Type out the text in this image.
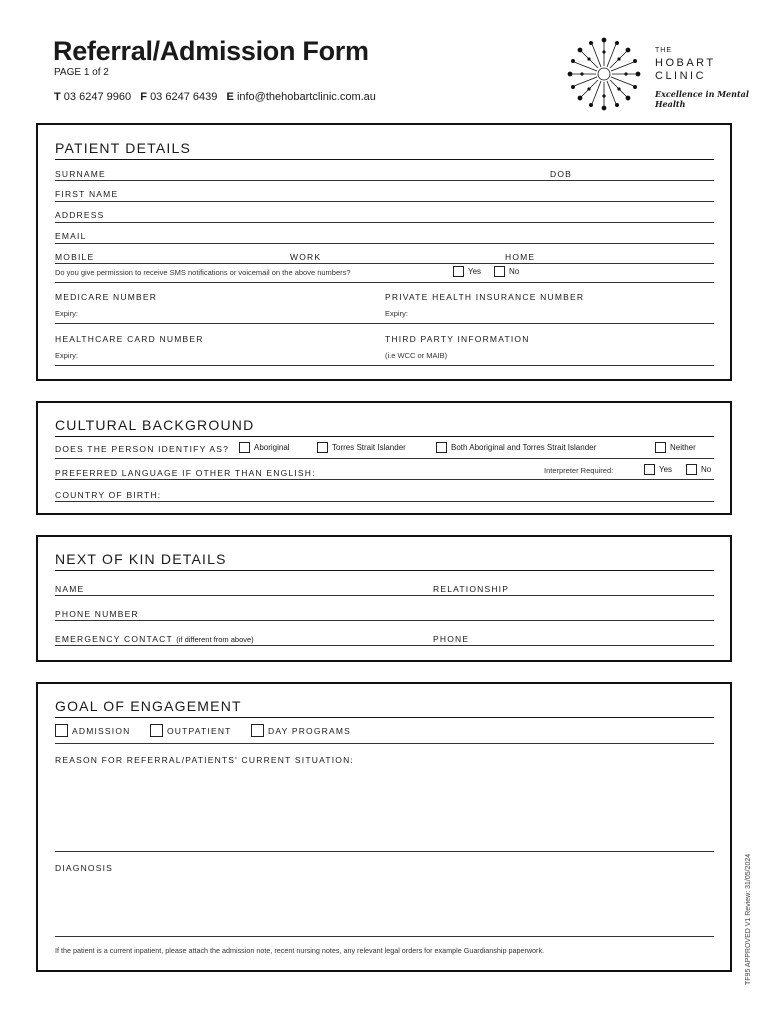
Referral/Admission Form
PAGE 1 of 2
T 03 6247 9960 F 03 6247 6439 E info@thehobartclinic.com.au
THE
HOBART
CLINIC
Excellence in Mental Health
PATIENT DETAILS
SURNAME	DOB
FIRST NAME
ADDRESS
EMAIL
MOBILE	WORK	HOME
Do you give permission to receive SMS notifications or voicemail on the above numbers?	Yes	No
MEDICARE NUMBER	PRIVATE HEALTH INSURANCE NUMBER
Expiry:	Expiry:
HEALTHCARE CARD NUMBER	THIRD PARTY INFORMATION
Expiry:	(i.e WCC or MAIB)
CULTURAL BACKGROUND
DOES THE PERSON IDENTIFY AS?	Aboriginal	Torres Strait Islander	Both Aboriginal and Torres Strait Islander	Neither
PREFERRED LANGUAGE IF OTHER THAN ENGLISH:	Interpreter Required:	Yes	No
COUNTRY OF BIRTH:
NEXT OF KIN DETAILS
NAME	RELATIONSHIP
PHONE NUMBER
EMERGENCY CONTACT (if different from above)	PHONE
GOAL OF ENGAGEMENT
ADMISSION	OUTPATIENT	DAY PROGRAMS
REASON FOR REFERRAL/PATIENTS' CURRENT SITUATION:
DIAGNOSIS
If the patient is a current inpatient, please attach the admission note, recent nursing notes, any relevant legal orders for example Guardianship paperwork.	TF95 APPROVED V1 Review: 31/05/2024
